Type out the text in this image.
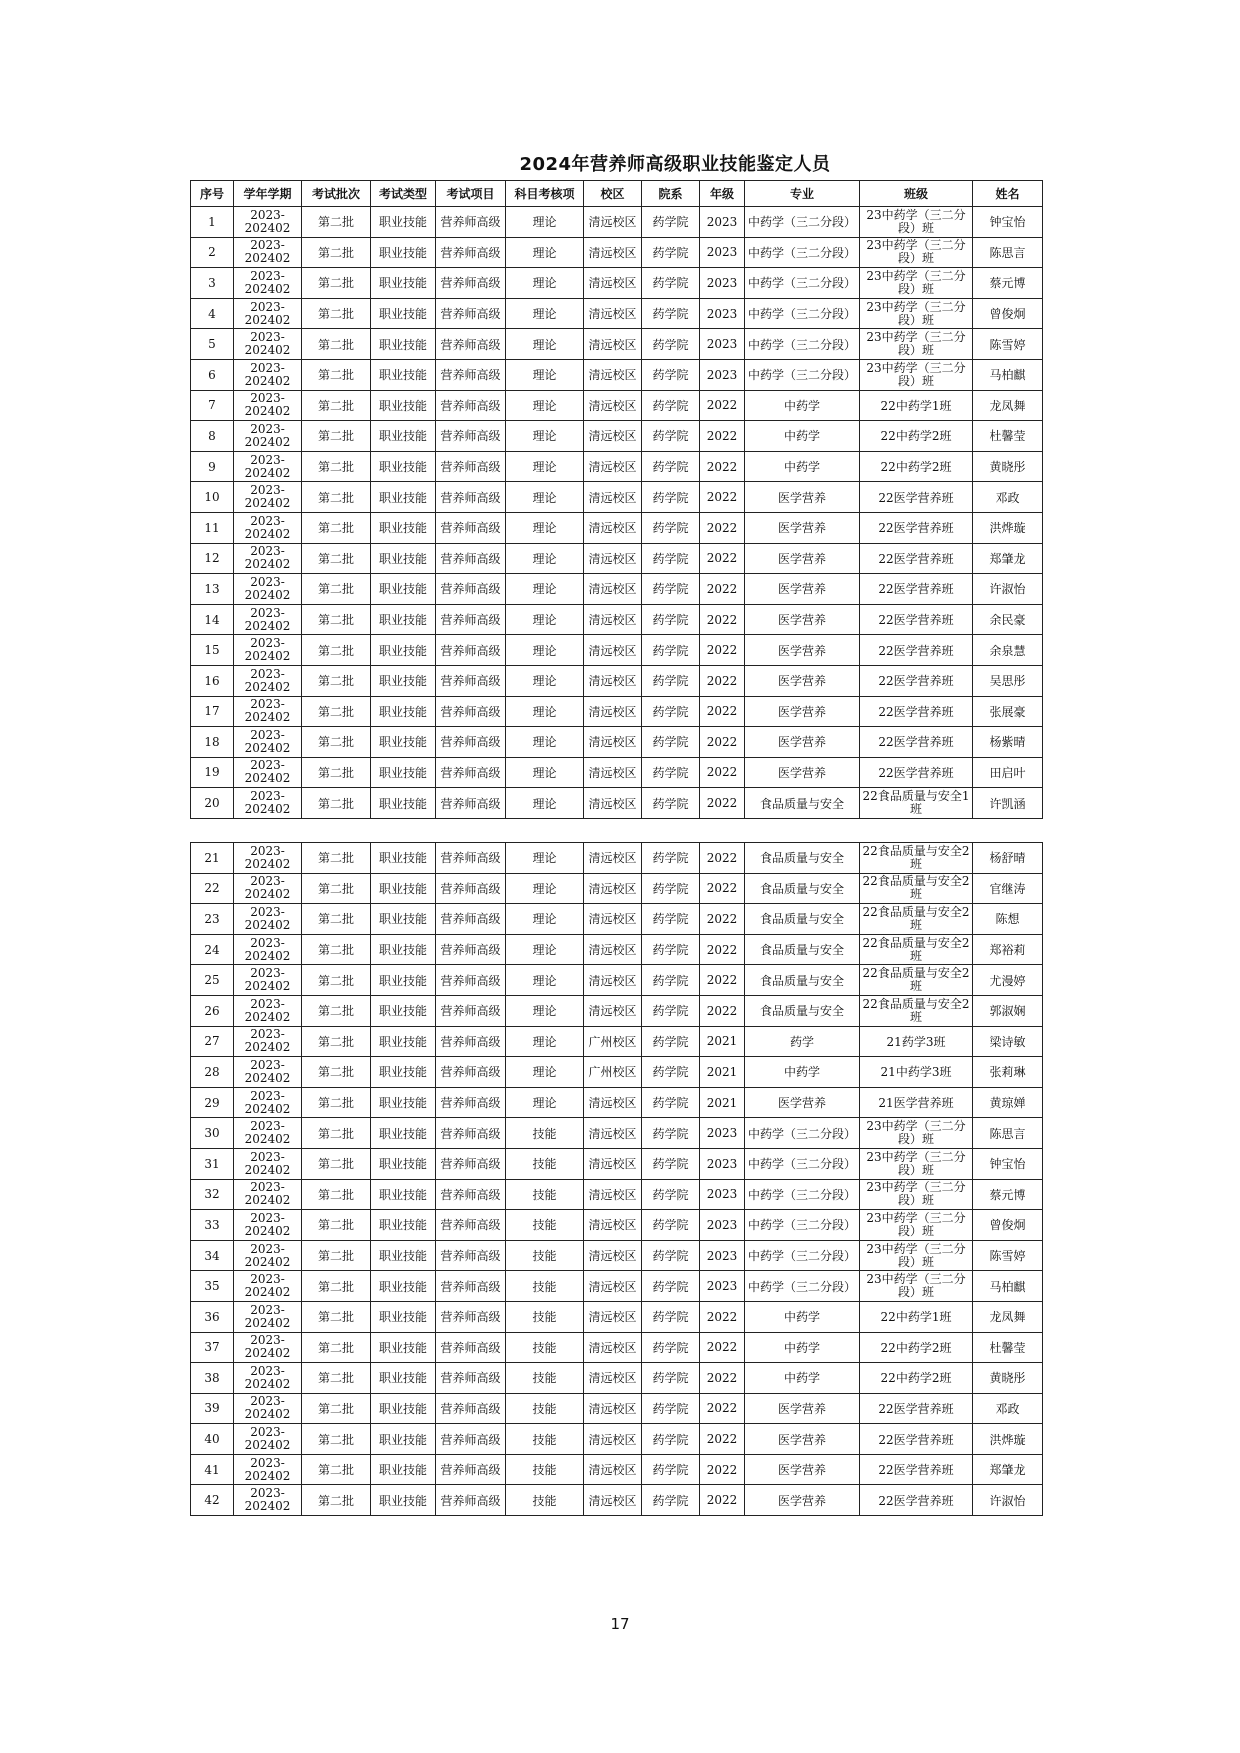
2024年营养师高级职业技能鉴定人员
序号	学年学期	考试批次	考试类型	考试项目	科目考核项	校区	院系	年级	专业	班级	姓名
1	2023-202402	第二批	职业技能	营养师高级	理论	清远校区	药学院	2023	中药学（三二分段）	23中药学（三二分段）班	钟宝怡
2	2023-202402	第二批	职业技能	营养师高级	理论	清远校区	药学院	2023	中药学（三二分段）	23中药学（三二分段）班	陈思言
3	2023-202402	第二批	职业技能	营养师高级	理论	清远校区	药学院	2023	中药学（三二分段）	23中药学（三二分段）班	蔡元博
4	2023-202402	第二批	职业技能	营养师高级	理论	清远校区	药学院	2023	中药学（三二分段）	23中药学（三二分段）班	曾俊炯
5	2023-202402	第二批	职业技能	营养师高级	理论	清远校区	药学院	2023	中药学（三二分段）	23中药学（三二分段）班	陈雪婷
6	2023-202402	第二批	职业技能	营养师高级	理论	清远校区	药学院	2023	中药学（三二分段）	23中药学（三二分段）班	马柏麒
7	2023-202402	第二批	职业技能	营养师高级	理论	清远校区	药学院	2022	中药学	22中药学1班	龙凤舞
8	2023-202402	第二批	职业技能	营养师高级	理论	清远校区	药学院	2022	中药学	22中药学2班	杜馨莹
9	2023-202402	第二批	职业技能	营养师高级	理论	清远校区	药学院	2022	中药学	22中药学2班	黄晓彤
10	2023-202402	第二批	职业技能	营养师高级	理论	清远校区	药学院	2022	医学营养	22医学营养班	邓政
11	2023-202402	第二批	职业技能	营养师高级	理论	清远校区	药学院	2022	医学营养	22医学营养班	洪烨璇
12	2023-202402	第二批	职业技能	营养师高级	理论	清远校区	药学院	2022	医学营养	22医学营养班	郑肇龙
13	2023-202402	第二批	职业技能	营养师高级	理论	清远校区	药学院	2022	医学营养	22医学营养班	许淑怡
14	2023-202402	第二批	职业技能	营养师高级	理论	清远校区	药学院	2022	医学营养	22医学营养班	余民豪
15	2023-202402	第二批	职业技能	营养师高级	理论	清远校区	药学院	2022	医学营养	22医学营养班	余泉慧
16	2023-202402	第二批	职业技能	营养师高级	理论	清远校区	药学院	2022	医学营养	22医学营养班	吴思彤
17	2023-202402	第二批	职业技能	营养师高级	理论	清远校区	药学院	2022	医学营养	22医学营养班	张展豪
18	2023-202402	第二批	职业技能	营养师高级	理论	清远校区	药学院	2022	医学营养	22医学营养班	杨紫晴
19	2023-202402	第二批	职业技能	营养师高级	理论	清远校区	药学院	2022	医学营养	22医学营养班	田启叶
20	2023-202402	第二批	职业技能	营养师高级	理论	清远校区	药学院	2022	食品质量与安全	22食品质量与安全1班	许凯涵
21	2023-202402	第二批	职业技能	营养师高级	理论	清远校区	药学院	2022	食品质量与安全	22食品质量与安全2班	杨舒晴
22	2023-202402	第二批	职业技能	营养师高级	理论	清远校区	药学院	2022	食品质量与安全	22食品质量与安全2班	官继涛
23	2023-202402	第二批	职业技能	营养师高级	理论	清远校区	药学院	2022	食品质量与安全	22食品质量与安全2班	陈想
24	2023-202402	第二批	职业技能	营养师高级	理论	清远校区	药学院	2022	食品质量与安全	22食品质量与安全2班	郑裕莉
25	2023-202402	第二批	职业技能	营养师高级	理论	清远校区	药学院	2022	食品质量与安全	22食品质量与安全2班	尤漫婷
26	2023-202402	第二批	职业技能	营养师高级	理论	清远校区	药学院	2022	食品质量与安全	22食品质量与安全2班	郭淑娴
27	2023-202402	第二批	职业技能	营养师高级	理论	广州校区	药学院	2021	药学	21药学3班	梁诗敏
28	2023-202402	第二批	职业技能	营养师高级	理论	广州校区	药学院	2021	中药学	21中药学3班	张莉琳
29	2023-202402	第二批	职业技能	营养师高级	理论	清远校区	药学院	2021	医学营养	21医学营养班	黄琼婵
30	2023-202402	第二批	职业技能	营养师高级	技能	清远校区	药学院	2023	中药学（三二分段）	23中药学（三二分段）班	陈思言
31	2023-202402	第二批	职业技能	营养师高级	技能	清远校区	药学院	2023	中药学（三二分段）	23中药学（三二分段）班	钟宝怡
32	2023-202402	第二批	职业技能	营养师高级	技能	清远校区	药学院	2023	中药学（三二分段）	23中药学（三二分段）班	蔡元博
33	2023-202402	第二批	职业技能	营养师高级	技能	清远校区	药学院	2023	中药学（三二分段）	23中药学（三二分段）班	曾俊炯
34	2023-202402	第二批	职业技能	营养师高级	技能	清远校区	药学院	2023	中药学（三二分段）	23中药学（三二分段）班	陈雪婷
35	2023-202402	第二批	职业技能	营养师高级	技能	清远校区	药学院	2023	中药学（三二分段）	23中药学（三二分段）班	马柏麒
36	2023-202402	第二批	职业技能	营养师高级	技能	清远校区	药学院	2022	中药学	22中药学1班	龙凤舞
37	2023-202402	第二批	职业技能	营养师高级	技能	清远校区	药学院	2022	中药学	22中药学2班	杜馨莹
38	2023-202402	第二批	职业技能	营养师高级	技能	清远校区	药学院	2022	中药学	22中药学2班	黄晓彤
39	2023-202402	第二批	职业技能	营养师高级	技能	清远校区	药学院	2022	医学营养	22医学营养班	邓政
40	2023-202402	第二批	职业技能	营养师高级	技能	清远校区	药学院	2022	医学营养	22医学营养班	洪烨璇
41	2023-202402	第二批	职业技能	营养师高级	技能	清远校区	药学院	2022	医学营养	22医学营养班	郑肇龙
42	2023-202402	第二批	职业技能	营养师高级	技能	清远校区	药学院	2022	医学营养	22医学营养班	许淑怡
17
